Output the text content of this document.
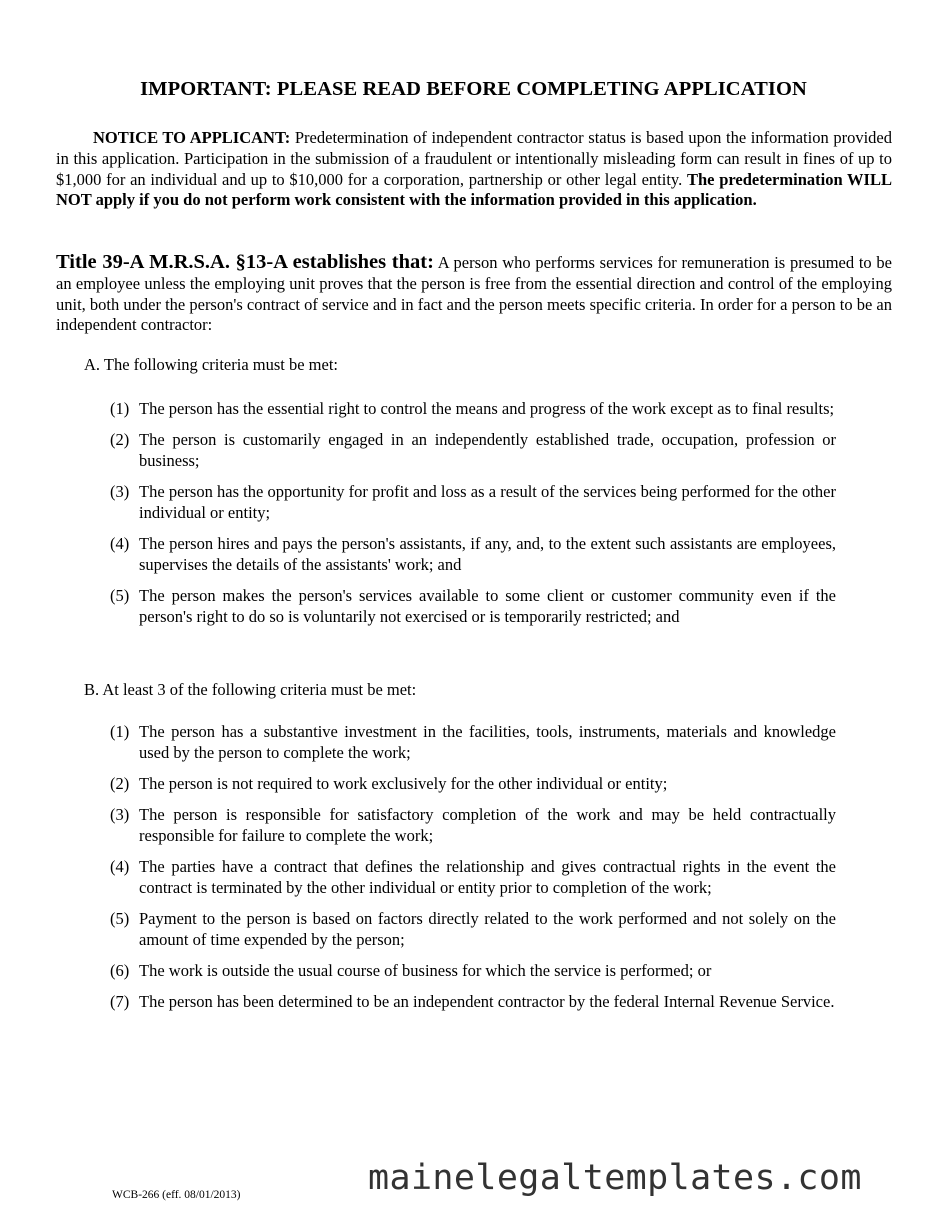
IMPORTANT: PLEASE READ BEFORE COMPLETING APPLICATION

NOTICE TO APPLICANT: Predetermination of independent contractor status is based upon the information provided in this application. Participation in the submission of a fraudulent or intentionally misleading form can result in fines of up to $1,000 for an individual and up to $10,000 for a corporation, partnership or other legal entity. The predetermination WILL NOT apply if you do not perform work consistent with the information provided in this application.

Title 39-A M.R.S.A. §13-A establishes that: A person who performs services for remuneration is presumed to be an employee unless the employing unit proves that the person is free from the essential direction and control of the employing unit, both under the person's contract of service and in fact and the person meets specific criteria. In order for a person to be an independent contractor:

A. The following criteria must be met:
(1) The person has the essential right to control the means and progress of the work except as to final results;
(2) The person is customarily engaged in an independently established trade, occupation, profession or business;
(3) The person has the opportunity for profit and loss as a result of the services being performed for the other individual or entity;
(4) The person hires and pays the person's assistants, if any, and, to the extent such assistants are employees, supervises the details of the assistants' work; and
(5) The person makes the person's services available to some client or customer community even if the person's right to do so is voluntarily not exercised or is temporarily restricted; and
B. At least 3 of the following criteria must be met:
(1) The person has a substantive investment in the facilities, tools, instruments, materials and knowledge used by the person to complete the work;
(2) The person is not required to work exclusively for the other individual or entity;
(3) The person is responsible for satisfactory completion of the work and may be held contractually responsible for failure to complete the work;
(4) The parties have a contract that defines the relationship and gives contractual rights in the event the contract is terminated by the other individual or entity prior to completion of the work;
(5) Payment to the person is based on factors directly related to the work performed and not solely on the amount of time expended by the person;
(6) The work is outside the usual course of business for which the service is performed; or
(7) The person has been determined to be an independent contractor by the federal Internal Revenue Service.
WCB-266 (eff. 08/01/2013)	mainelegaltemplates.com
